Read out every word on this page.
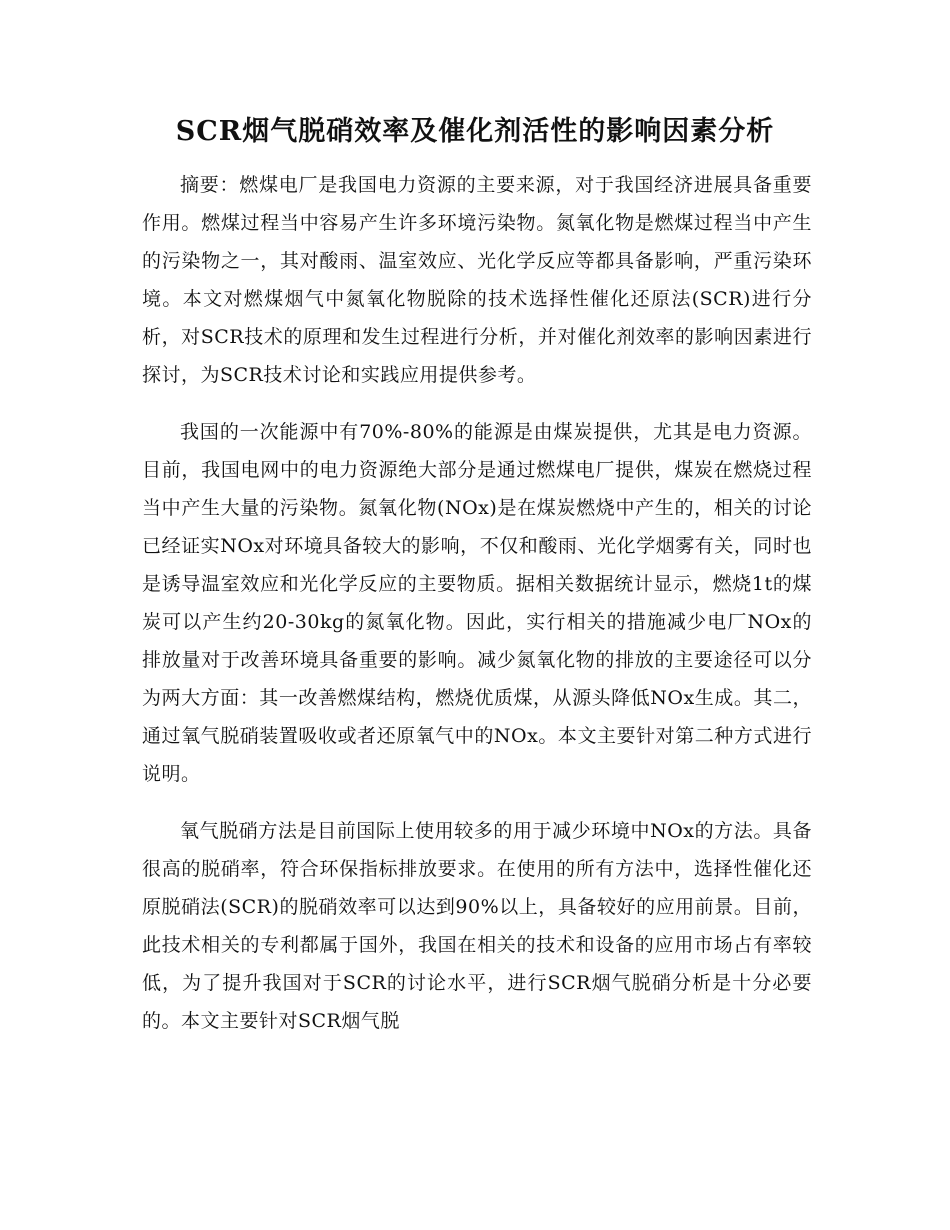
SCR烟气脱硝效率及催化剂活性的影响因素分析

摘要：燃煤电厂是我国电力资源的主要来源，对于我国经济进展具备重要作用。燃煤过程当中容易产生许多环境污染物。氮氧化物是燃煤过程当中产生的污染物之一，其对酸雨、温室效应、光化学反应等都具备影响，严重污染环境。本文对燃煤烟气中氮氧化物脱除的技术选择性催化还原法(SCR)进行分析，对SCR技术的原理和发生过程进行分析，并对催化剂效率的影响因素进行探讨，为SCR技术讨论和实践应用提供参考。

我国的一次能源中有70%-80%的能源是由煤炭提供，尤其是电力资源。目前，我国电网中的电力资源绝大部分是通过燃煤电厂提供，煤炭在燃烧过程当中产生大量的污染物。氮氧化物(NOx)是在煤炭燃烧中产生的，相关的讨论已经证实NOx对环境具备较大的影响，不仅和酸雨、光化学烟雾有关，同时也是诱导温室效应和光化学反应的主要物质。据相关数据统计显示，燃烧1t的煤炭可以产生约20-30kg的氮氧化物。因此，实行相关的措施减少电厂NOx的排放量对于改善环境具备重要的影响。减少氮氧化物的排放的主要途径可以分为两大方面：其一改善燃煤结构，燃烧优质煤，从源头降低NOx生成。其二，通过氧气脱硝装置吸收或者还原氧气中的NOx。本文主要针对第二种方式进行说明。

氧气脱硝方法是目前国际上使用较多的用于减少环境中NOx的方法。具备很高的脱硝率，符合环保指标排放要求。在使用的所有方法中，选择性催化还原脱硝法(SCR)的脱硝效率可以达到90%以上，具备较好的应用前景。目前，此技术相关的专利都属于国外，我国在相关的技术和设备的应用市场占有率较低，为了提升我国对于SCR的讨论水平，进行SCR烟气脱硝分析是十分必要的。本文主要针对SCR烟气脱
